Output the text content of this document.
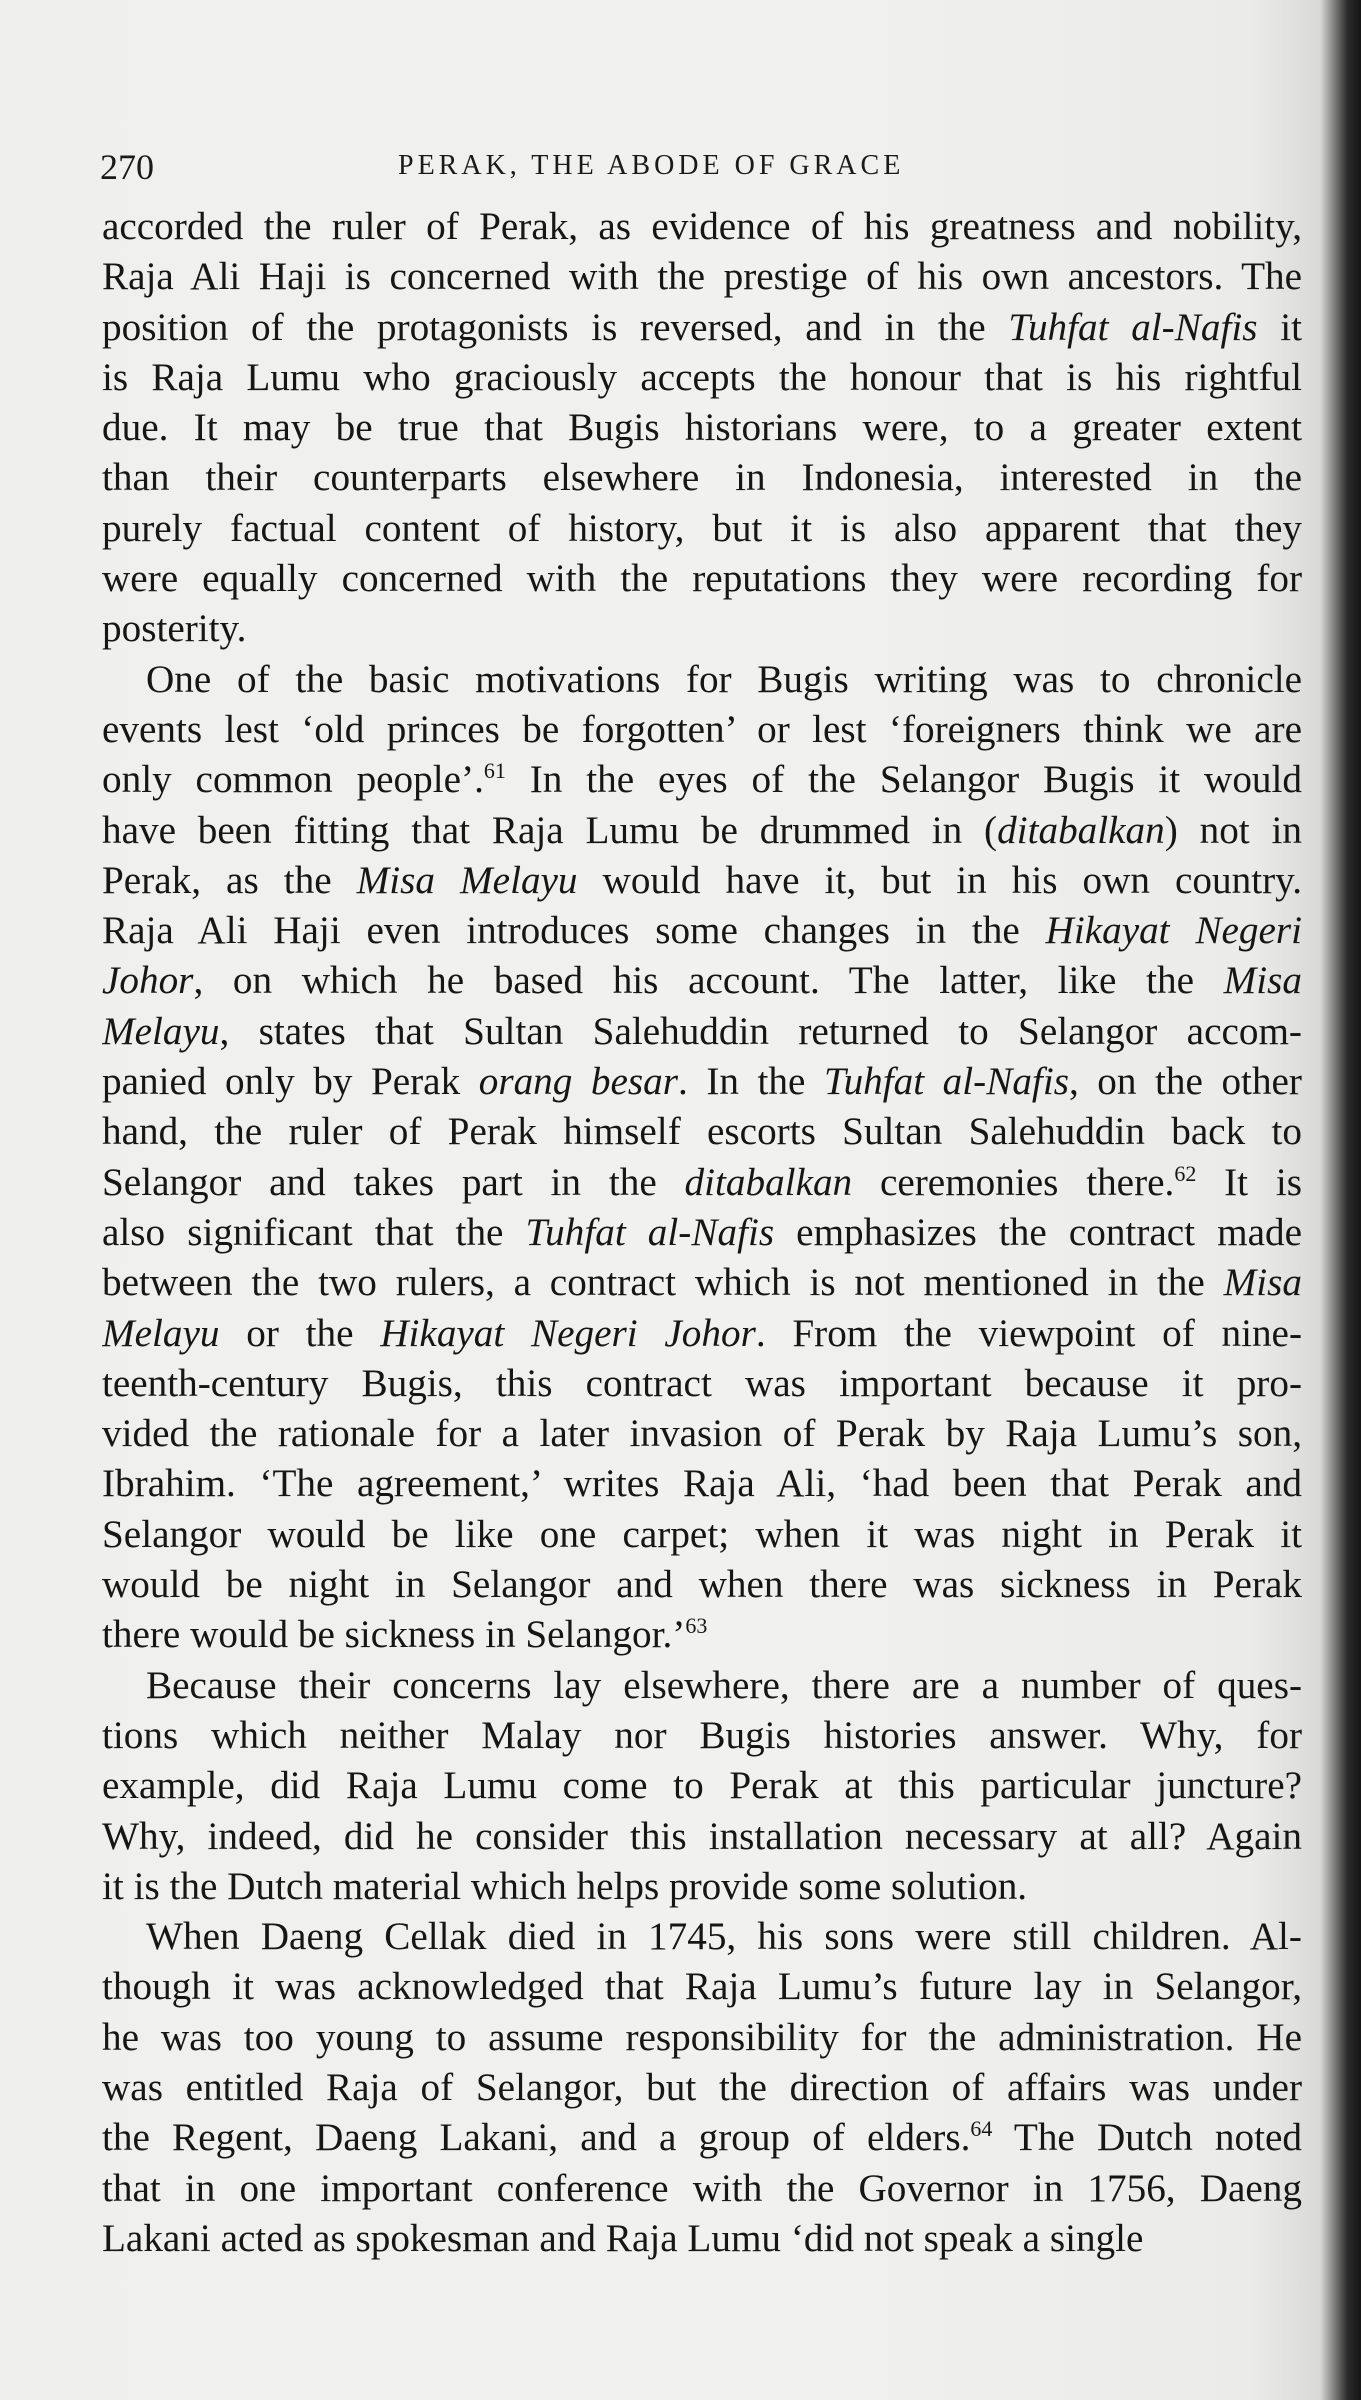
270	PERAK, THE ABODE OF GRACE
accorded the ruler of Perak, as evidence of his greatness and nobility,
Raja Ali Haji is concerned with the prestige of his own ancestors. The
position of the protagonists is reversed, and in the Tuhfat al-Nafis it
is Raja Lumu who graciously accepts the honour that is his rightful
due. It may be true that Bugis historians were, to a greater extent
than their counterparts elsewhere in Indonesia, interested in the
purely factual content of history, but it is also apparent that they
were equally concerned with the reputations they were recording for
posterity.
One of the basic motivations for Bugis writing was to chronicle
events lest ‘old princes be forgotten’ or lest ‘foreigners think we are
only common people’.$^{61}$ In the eyes of the Selangor Bugis it would
have been fitting that Raja Lumu be drummed in (ditabalkan) not in
Perak, as the Misa Melayu would have it, but in his own country.
Raja Ali Haji even introduces some changes in the Hikayat Negeri
Johor, on which he based his account. The latter, like the Misa
Melayu, states that Sultan Salehuddin returned to Selangor accom-
panied only by Perak orang besar. In the Tuhfat al-Nafis, on the other
hand, the ruler of Perak himself escorts Sultan Salehuddin back to
Selangor and takes part in the ditabalkan ceremonies there.$^{62}$ It is
also significant that the Tuhfat al-Nafis emphasizes the contract made
between the two rulers, a contract which is not mentioned in the Misa
Melayu or the Hikayat Negeri Johor. From the viewpoint of nine-
teenth-century Bugis, this contract was important because it pro-
vided the rationale for a later invasion of Perak by Raja Lumu’s son,
Ibrahim. ‘The agreement,’ writes Raja Ali, ‘had been that Perak and
Selangor would be like one carpet; when it was night in Perak it
would be night in Selangor and when there was sickness in Perak
there would be sickness in Selangor.’$^{63}$
Because their concerns lay elsewhere, there are a number of ques-
tions which neither Malay nor Bugis histories answer. Why, for
example, did Raja Lumu come to Perak at this particular juncture?
Why, indeed, did he consider this installation necessary at all? Again
it is the Dutch material which helps provide some solution.
When Daeng Cellak died in 1745, his sons were still children. Al-
though it was acknowledged that Raja Lumu’s future lay in Selangor,
he was too young to assume responsibility for the administration. He
was entitled Raja of Selangor, but the direction of affairs was under
the Regent, Daeng Lakani, and a group of elders.$^{64}$ The Dutch noted
that in one important conference with the Governor in 1756, Daeng
Lakani acted as spokesman and Raja Lumu ‘did not speak a single
